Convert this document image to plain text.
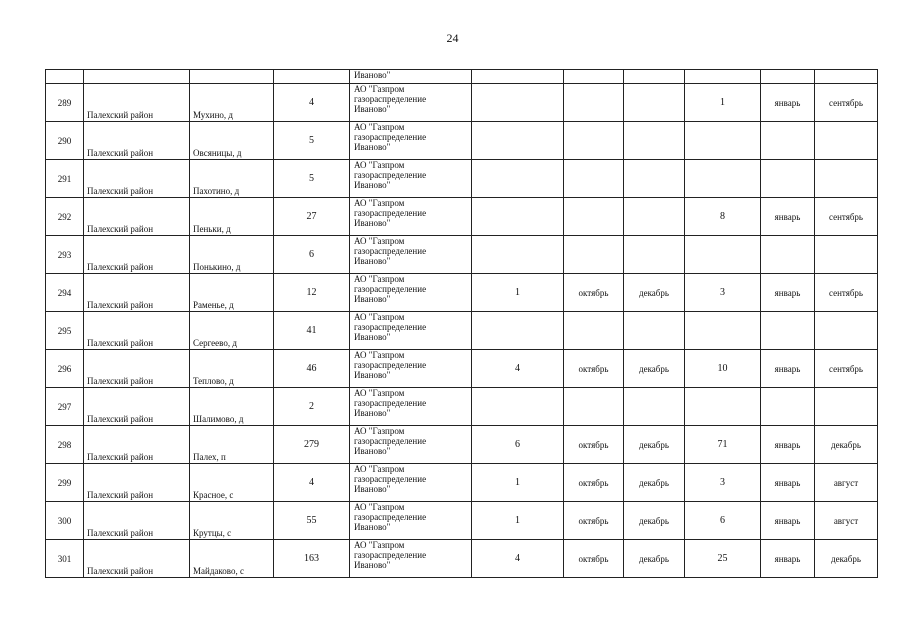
24
				Иваново"						
289	Палехский район	Мухино, д	4	АО "Газпром
газораспределение
Иваново"				1	январь	сентябрь
290	Палехский район	Овсяницы, д	5	АО "Газпром
газораспределение
Иваново"						

291	Палехский район	Пахотино, д	5	АО "Газпром
газораспределение
Иваново"						

292	Палехский район	Пеньки, д	27	АО "Газпром
газораспределение
Иваново"				8	январь	сентябрь
293	Палехский район	Понькино, д	6	АО "Газпром
газораспределение
Иваново"						

294	Палехский район	Раменье, д	12	АО "Газпром
газораспределение
Иваново"	1	октябрь	декабрь	3	январь	сентябрь
295	Палехский район	Сергеево, д	41	АО "Газпром
газораспределение
Иваново"						

296	Палехский район	Теплово, д	46	АО "Газпром
газораспределение
Иваново"	4	октябрь	декабрь	10	январь	сентябрь
297	Палехский район	Шалимово, д	2	АО "Газпром
газораспределение
Иваново"						

298	Палехский район	Палех, п	279	АО "Газпром
газораспределение
Иваново"	6	октябрь	декабрь	71	январь	декабрь
299	Палехский район	Красное, с	4	АО "Газпром
газораспределение
Иваново"	1	октябрь	декабрь	3	январь	август
300	Палехский район	Крутцы, с	55	АО "Газпром
газораспределение
Иваново"	1	октябрь	декабрь	6	январь	август
301	Палехский район	Майдаково, с	163	АО "Газпром
газораспределение
Иваново"	4	октябрь	декабрь	25	январь	декабрь
